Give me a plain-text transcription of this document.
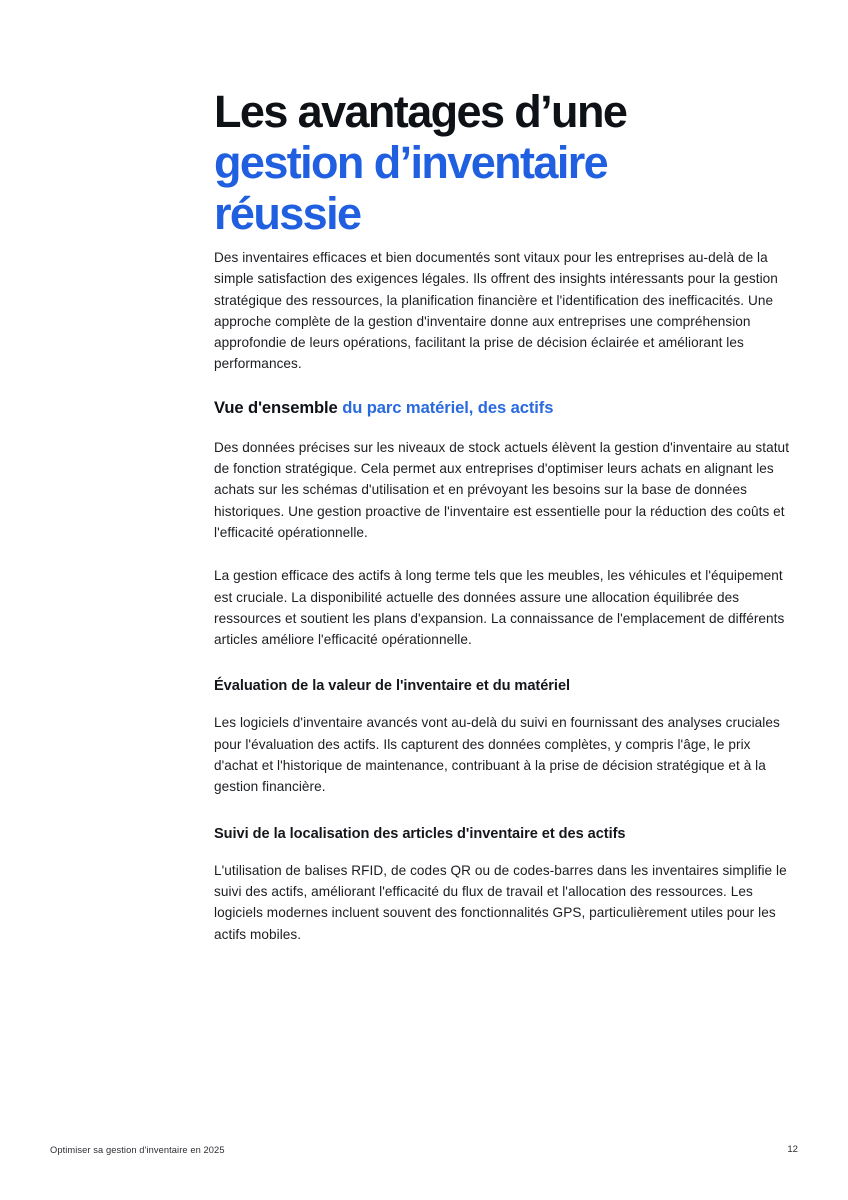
Les avantages d’une
gestion d’inventaire
réussie

Des inventaires efficaces et bien documentés sont vitaux pour les entreprises au-delà de la simple satisfaction des exigences légales. Ils offrent des insights intéressants pour la gestion stratégique des ressources, la planification financière et l'identification des inefficacités. Une approche complète de la gestion d'inventaire donne aux entreprises une compréhension approfondie de leurs opérations, facilitant la prise de décision éclairée et améliorant les performances.

Vue d'ensemble du parc matériel, des actifs

Des données précises sur les niveaux de stock actuels élèvent la gestion d'inventaire au statut de fonction stratégique. Cela permet aux entreprises d'optimiser leurs achats en alignant les achats sur les schémas d'utilisation et en prévoyant les besoins sur la base de données historiques. Une gestion proactive de l'inventaire est essentielle pour la réduction des coûts et l'efficacité opérationnelle.

La gestion efficace des actifs à long terme tels que les meubles, les véhicules et l'équipement est cruciale. La disponibilité actuelle des données assure une allocation équilibrée des ressources et soutient les plans d'expansion. La connaissance de l'emplacement de différents articles améliore l'efficacité opérationnelle.

Évaluation de la valeur de l'inventaire et du matériel

Les logiciels d'inventaire avancés vont au-delà du suivi en fournissant des analyses cruciales pour l'évaluation des actifs. Ils capturent des données complètes, y compris l'âge, le prix d'achat et l'historique de maintenance, contribuant à la prise de décision stratégique et à la gestion financière.

Suivi de la localisation des articles d'inventaire et des actifs

L'utilisation de balises RFID, de codes QR ou de codes-barres dans les inventaires simplifie le suivi des actifs, améliorant l'efficacité du flux de travail et l'allocation des ressources. Les logiciels modernes incluent souvent des fonctionnalités GPS, particulièrement utiles pour les actifs mobiles.

Optimiser sa gestion d'inventaire en 2025	12
